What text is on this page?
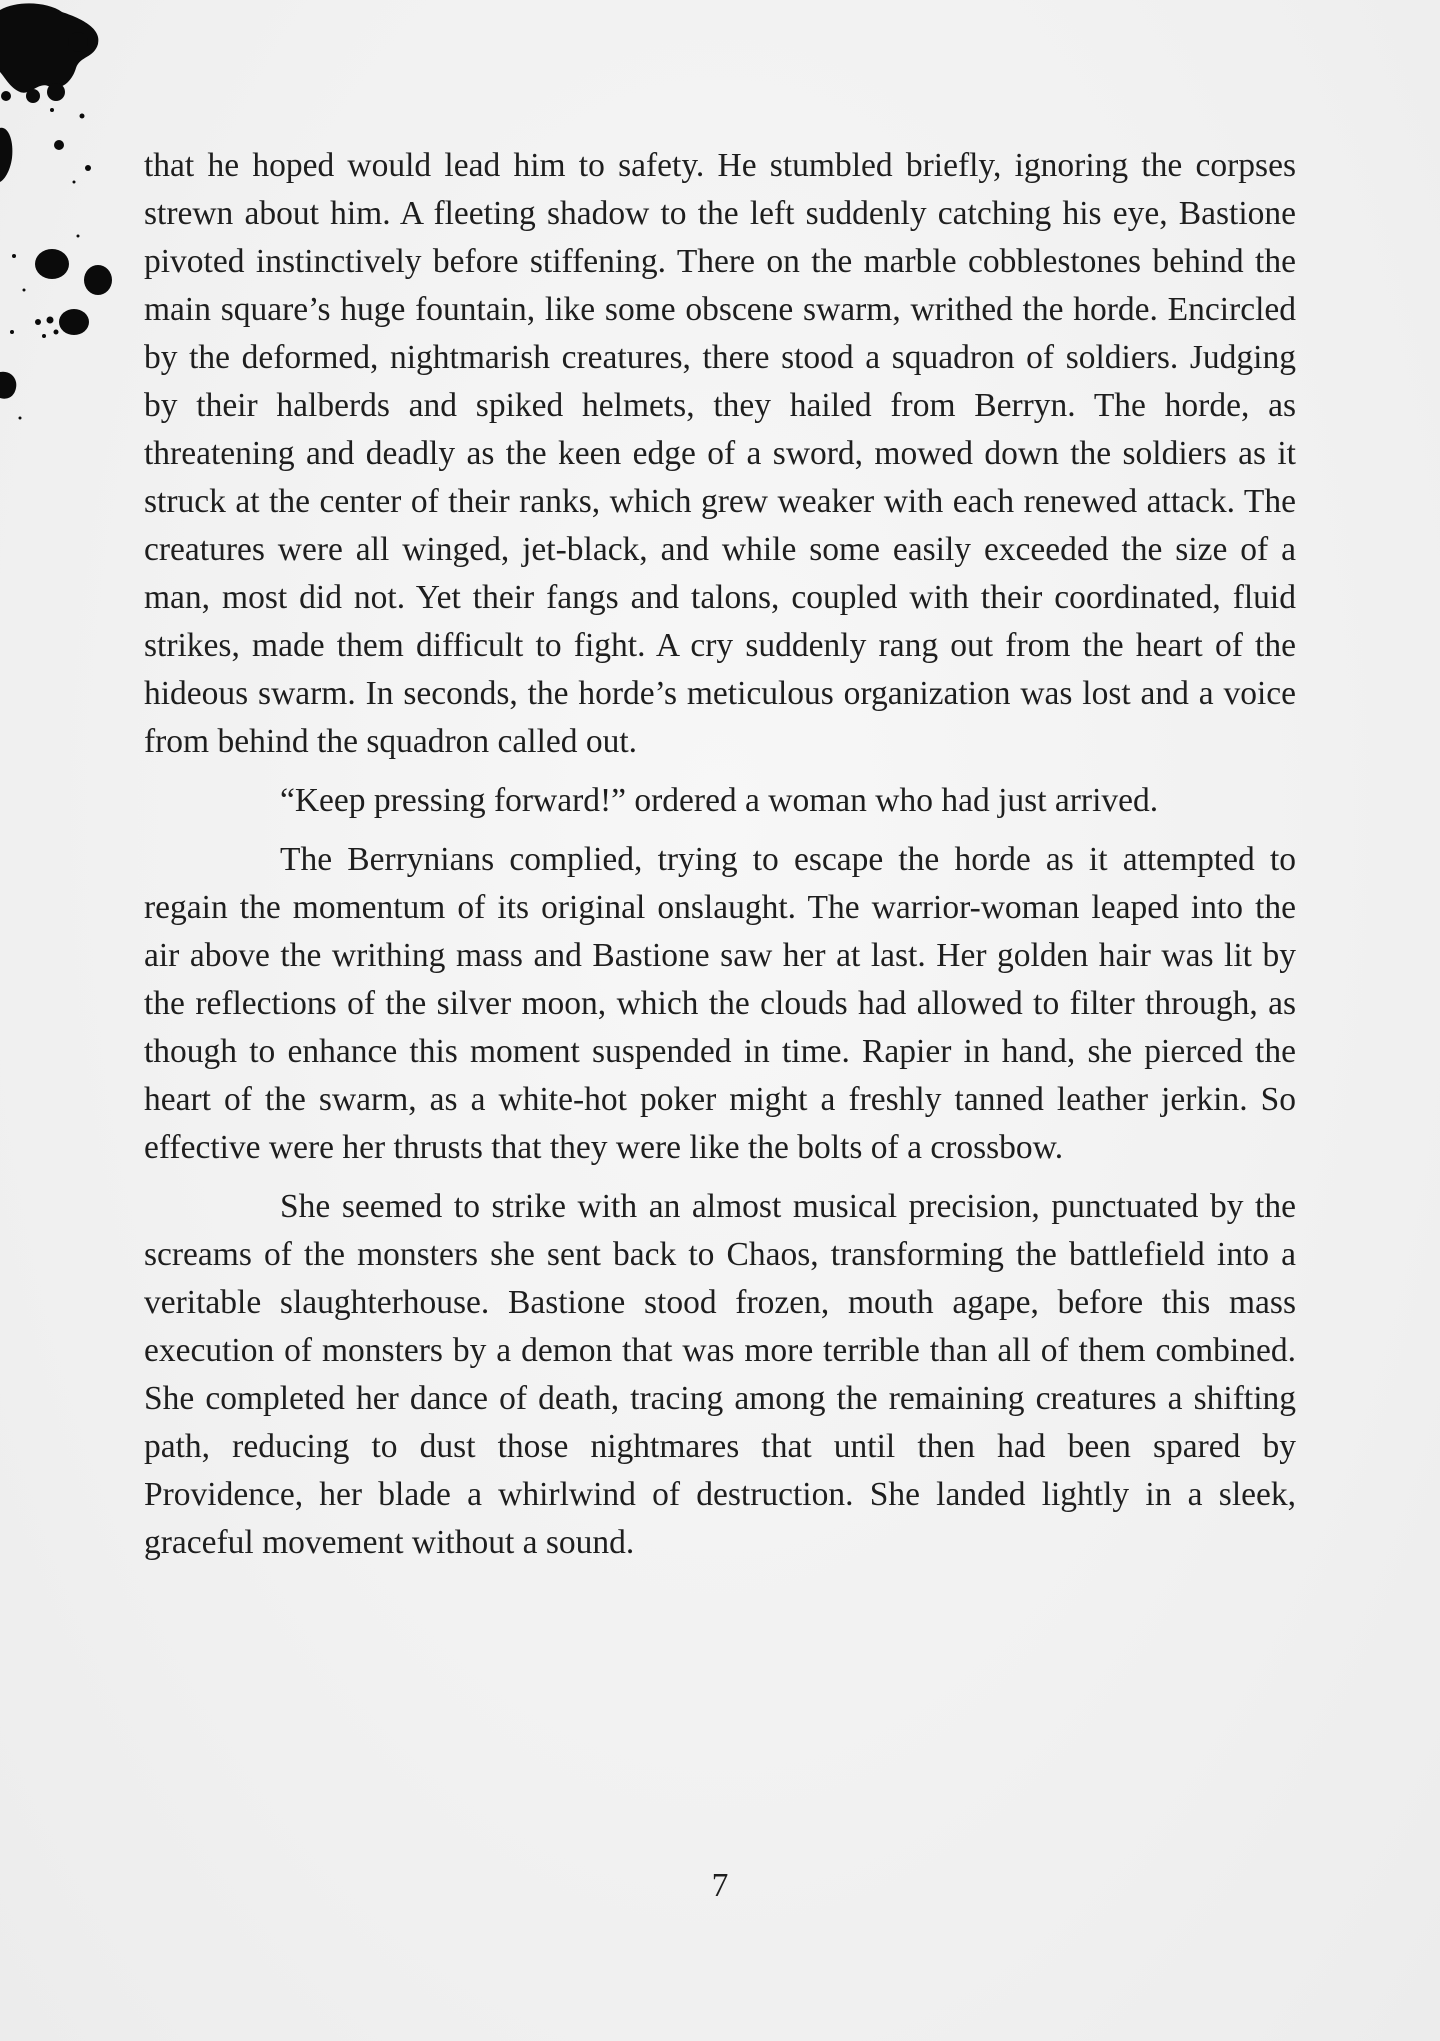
that he hoped would lead him to safety. He stumbled briefly, ignoring the corpses strewn about him. A fleeting shadow to the left suddenly catching his eye, Bastione pivoted instinctively before stiffening. There on the marble cobblestones behind the main square’s huge fountain, like some obscene swarm, writhed the horde. Encircled by the deformed, nightmarish creatures, there stood a squadron of soldiers. Judging by their halberds and spiked helmets, they hailed from Berryn. The horde, as threatening and deadly as the keen edge of a sword, mowed down the soldiers as it struck at the center of their ranks, which grew weaker with each renewed attack. The creatures were all winged, jet-black, and while some easily exceeded the size of a man, most did not. Yet their fangs and talons, coupled with their coordinated, fluid strikes, made them difficult to fight. A cry suddenly rang out from the heart of the hideous swarm. In seconds, the horde’s meticulous organization was lost and a voice from behind the squadron called out.

“Keep pressing forward!” ordered a woman who had just arrived.

The Berrynians complied, trying to escape the horde as it attempted to regain the momentum of its original onslaught. The warrior-woman leaped into the air above the writhing mass and Bastione saw her at last. Her golden hair was lit by the reflections of the silver moon, which the clouds had allowed to filter through, as though to enhance this moment suspended in time. Rapier in hand, she pierced the heart of the swarm, as a white-hot poker might a freshly tanned leather jerkin. So effective were her thrusts that they were like the bolts of a crossbow.

She seemed to strike with an almost musical precision, punctuated by the screams of the monsters she sent back to Chaos, transforming the battlefield into a veritable slaughterhouse. Bastione stood frozen, mouth agape, before this mass execution of monsters by a demon that was more terrible than all of them combined. She completed her dance of death, tracing among the remaining creatures a shifting path, reducing to dust those nightmares that until then had been spared by Providence, her blade a whirlwind of destruction. She landed lightly in a sleek, graceful movement without a sound.

7
